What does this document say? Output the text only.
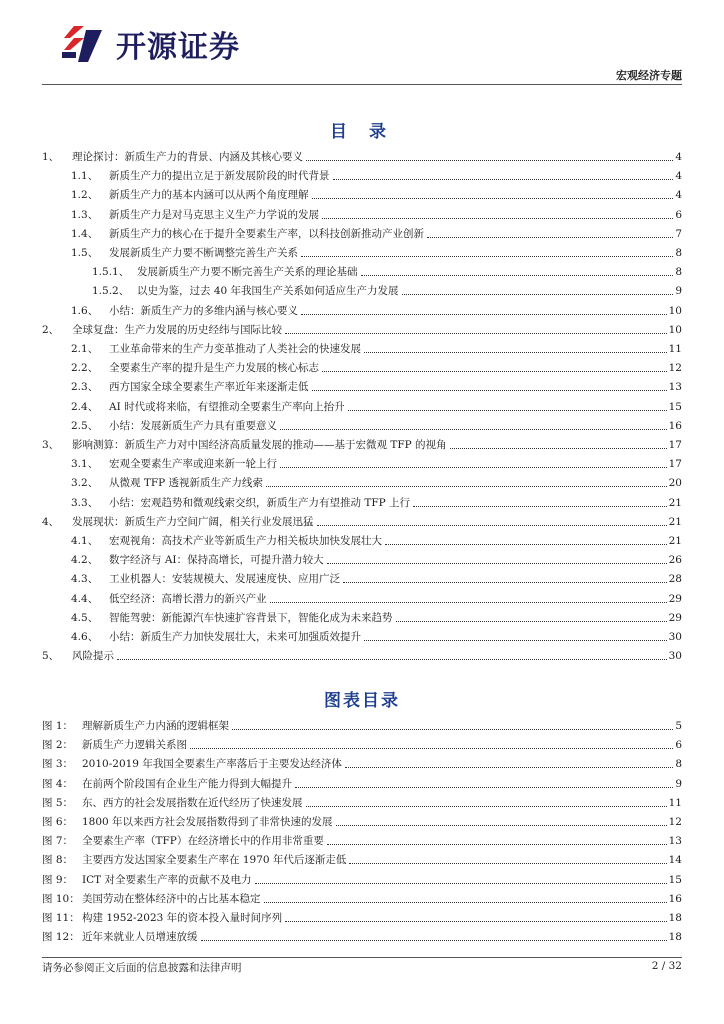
开源证券
宏观经济专题
目 录
1、	理论探讨：新质生产力的背景、内涵及其核心要义	4
1.1、	新质生产力的提出立足于新发展阶段的时代背景	4
1.2、	新质生产力的基本内涵可以从两个角度理解	4
1.3、	新质生产力是对马克思主义生产力学说的发展	6
1.4、	新质生产力的核心在于提升全要素生产率，以科技创新推动产业创新	7
1.5、	发展新质生产力要不断调整完善生产关系	8
1.5.1、 发展新质生产力要不断完善生产关系的理论基础	8
1.5.2、 以史为鉴，过去 40 年我国生产关系如何适应生产力发展	9
1.6、	小结：新质生产力的多维内涵与核心要义	10
2、	全球复盘：生产力发展的历史经纬与国际比较	10
2.1、	工业革命带来的生产力变革推动了人类社会的快速发展	11
2.2、	全要素生产率的提升是生产力发展的核心标志	12
2.3、	西方国家全球全要素生产率近年来逐渐走低	13
2.4、	AI 时代或将来临，有望推动全要素生产率向上抬升	15
2.5、	小结：发展新质生产力具有重要意义	16
3、	影响测算：新质生产力对中国经济高质量发展的推动——基于宏微观 TFP 的视角	17
3.1、	宏观全要素生产率或迎来新一轮上行	17
3.2、	从微观 TFP 透视新质生产力线索	20
3.3、	小结：宏观趋势和微观线索交织，新质生产力有望推动 TFP 上行	21
4、	发展现状：新质生产力空间广阔，相关行业发展迅猛	21
4.1、	宏观视角：高技术产业等新质生产力相关板块加快发展壮大	21
4.2、	数字经济与 AI：保持高增长，可提升潜力较大	26
4.3、	工业机器人：安装规模大、发展速度快、应用广泛	28
4.4、	低空经济：高增长潜力的新兴产业	29
4.5、	智能驾驶：新能源汽车快速扩容背景下，智能化成为未来趋势	29
4.6、	小结：新质生产力加快发展壮大，未来可加强质效提升	30
5、	风险提示	30
图表目录
图 1： 理解新质生产力内涵的逻辑框架	5
图 2： 新质生产力逻辑关系图	6
图 3： 2010-2019 年我国全要素生产率落后于主要发达经济体	8
图 4： 在前两个阶段国有企业生产能力得到大幅提升	9
图 5： 东、西方的社会发展指数在近代经历了快速发展	11
图 6： 1800 年以来西方社会发展指数得到了非常快速的发展	12
图 7： 全要素生产率（TFP）在经济增长中的作用非常重要	13
图 8： 主要西方发达国家全要素生产率在 1970 年代后逐渐走低	14
图 9： ICT 对全要素生产率的贡献不及电力	15
图 10： 美国劳动在整体经济中的占比基本稳定	16
图 11： 构建 1952-2023 年的资本投入量时间序列	18
图 12： 近年来就业人员增速放缓	18
请务必参阅正文后面的信息披露和法律声明	2 / 32
